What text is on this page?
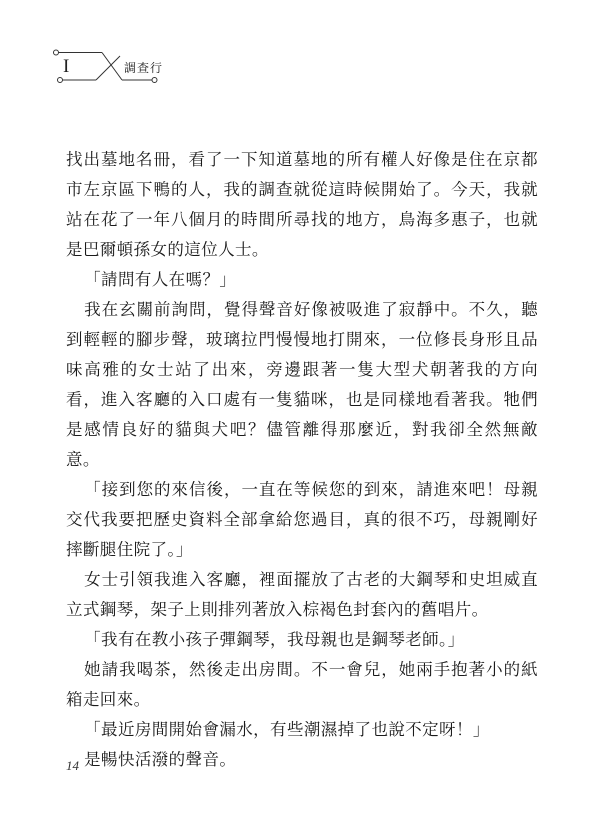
I	調查行

找出墓地名冊，看了一下知道墓地的所有權人好像是住在京都市左京區下鴨的人，我的調查就從這時候開始了。今天，我就站在花了一年八個月的時間所尋找的地方，鳥海多惠子，也就是巴爾頓孫女的這位人士。

「請問有人在嗎？」

我在玄關前詢問，覺得聲音好像被吸進了寂靜中。不久，聽到輕輕的腳步聲，玻璃拉門慢慢地打開來，一位修長身形且品味高雅的女士站了出來，旁邊跟著一隻大型犬朝著我的方向看，進入客廳的入口處有一隻貓咪，也是同樣地看著我。牠們是感情良好的貓與犬吧？儘管離得那麼近，對我卻全然無敵意。

「接到您的來信後，一直在等候您的到來，請進來吧！母親交代我要把歷史資料全部拿給您過目，真的很不巧，母親剛好摔斷腿住院了。」

女士引領我進入客廳，裡面擺放了古老的大鋼琴和史坦威直立式鋼琴，架子上則排列著放入棕褐色封套內的舊唱片。

「我有在教小孩子彈鋼琴，我母親也是鋼琴老師。」

她請我喝茶，然後走出房間。不一會兒，她兩手抱著小的紙箱走回來。

「最近房間開始會漏水，有些潮濕掉了也說不定呀！」

是暢快活潑的聲音。

14
